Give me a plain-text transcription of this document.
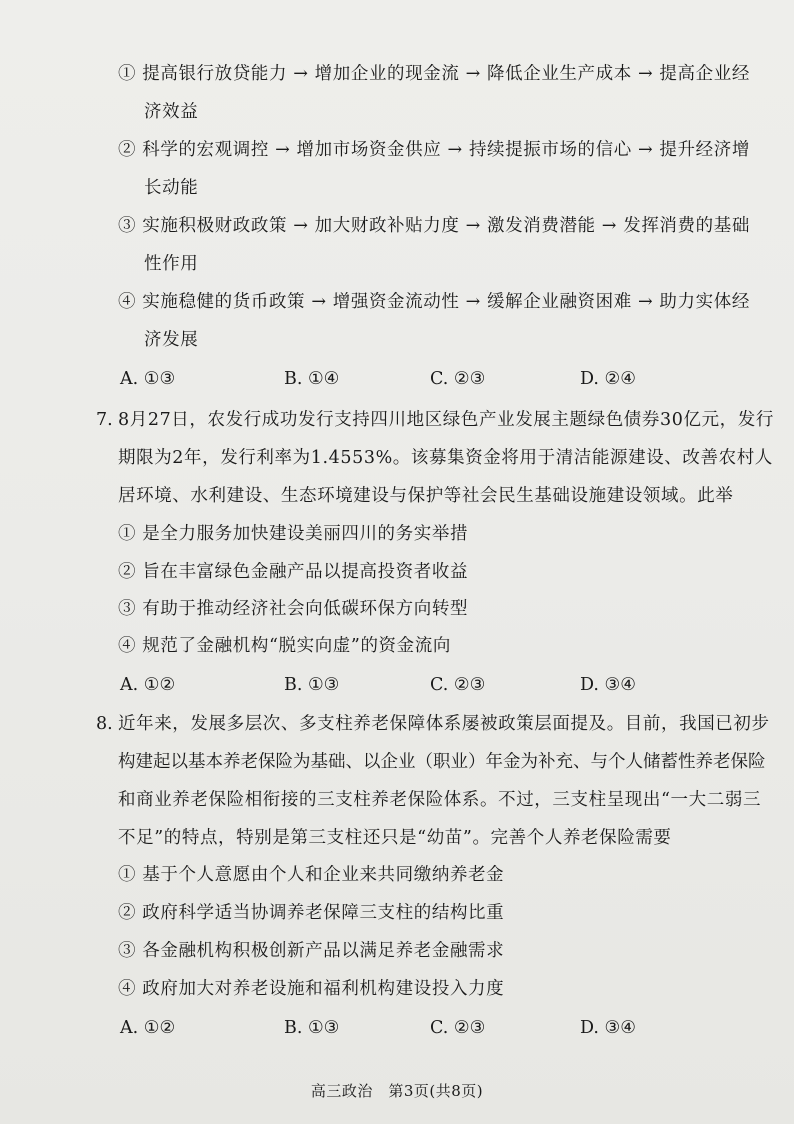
① 提高银行放贷能力 → 增加企业的现金流 → 降低企业生产成本 → 提高企业经
济效益
② 科学的宏观调控 → 增加市场资金供应 → 持续提振市场的信心 → 提升经济增
长动能
③ 实施积极财政政策 → 加大财政补贴力度 → 激发消费潜能 → 发挥消费的基础
性作用
④ 实施稳健的货币政策 → 增强资金流动性 → 缓解企业融资困难 → 助力实体经
济发展
A. ①③	B. ①④	C. ②③	D. ②④
7. 8月27日，农发行成功发行支持四川地区绿色产业发展主题绿色债券30亿元，发行
期限为2年，发行利率为1.4553%。该募集资金将用于清洁能源建设、改善农村人
居环境、水利建设、生态环境建设与保护等社会民生基础设施建设领域。此举
① 是全力服务加快建设美丽四川的务实举措
② 旨在丰富绿色金融产品以提高投资者收益
③ 有助于推动经济社会向低碳环保方向转型
④ 规范了金融机构“脱实向虚”的资金流向
A. ①②	B. ①③	C. ②③	D. ③④
8. 近年来，发展多层次、多支柱养老保障体系屡被政策层面提及。目前，我国已初步
构建起以基本养老保险为基础、以企业（职业）年金为补充、与个人储蓄性养老保险
和商业养老保险相衔接的三支柱养老保险体系。不过，三支柱呈现出“一大二弱三
不足”的特点，特别是第三支柱还只是“幼苗”。完善个人养老保险需要
① 基于个人意愿由个人和企业来共同缴纳养老金
② 政府科学适当协调养老保障三支柱的结构比重
③ 各金融机构积极创新产品以满足养老金融需求
④ 政府加大对养老设施和福利机构建设投入力度
A. ①②	B. ①③	C. ②③	D. ③④
高三政治　第3页(共8页)
